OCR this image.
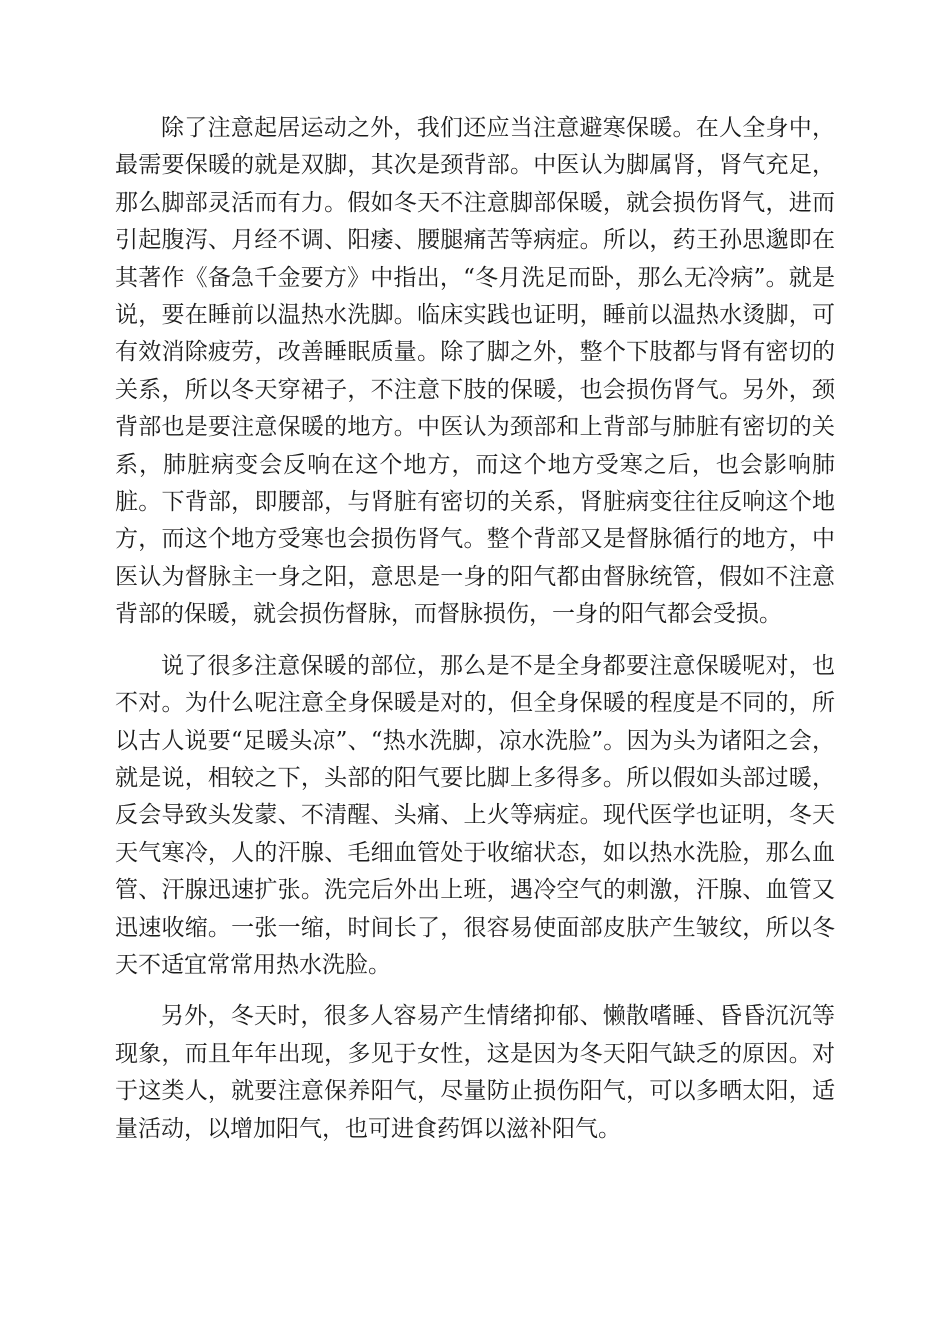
除了注意起居运动之外，我们还应当注意避寒保暖。在人全身中，最需要保暖的就是双脚，其次是颈背部。中医认为脚属肾，肾气充足，那么脚部灵活而有力。假如冬天不注意脚部保暖，就会损伤肾气，进而引起腹泻、月经不调、阳痿、腰腿痛苦等病症。所以，药王孙思邈即在其著作《备急千金要方》中指出，“冬月洗足而卧，那么无冷病”。就是说，要在睡前以温热水洗脚。临床实践也证明，睡前以温热水烫脚，可有效消除疲劳，改善睡眠质量。除了脚之外，整个下肢都与肾有密切的关系，所以冬天穿裙子，不注意下肢的保暖，也会损伤肾气。另外，颈背部也是要注意保暖的地方。中医认为颈部和上背部与肺脏有密切的关系，肺脏病变会反响在这个地方，而这个地方受寒之后，也会影响肺脏。下背部，即腰部，与肾脏有密切的关系，肾脏病变往往反响这个地方，而这个地方受寒也会损伤肾气。整个背部又是督脉循行的地方，中医认为督脉主一身之阳，意思是一身的阳气都由督脉统管，假如不注意背部的保暖，就会损伤督脉，而督脉损伤，一身的阳气都会受损。

说了很多注意保暖的部位，那么是不是全身都要注意保暖呢对，也不对。为什么呢注意全身保暖是对的，但全身保暖的程度是不同的，所以古人说要“足暖头凉”、“热水洗脚，凉水洗脸”。因为头为诸阳之会，就是说，相较之下，头部的阳气要比脚上多得多。所以假如头部过暖，反会导致头发蒙、不清醒、头痛、上火等病症。现代医学也证明，冬天天气寒冷，人的汗腺、毛细血管处于收缩状态，如以热水洗脸，那么血管、汗腺迅速扩张。洗完后外出上班，遇冷空气的刺激，汗腺、血管又迅速收缩。一张一缩，时间长了，很容易使面部皮肤产生皱纹，所以冬天不适宜常常用热水洗脸。

另外，冬天时，很多人容易产生情绪抑郁、懒散嗜睡、昏昏沉沉等现象，而且年年出现，多见于女性，这是因为冬天阳气缺乏的原因。对于这类人，就要注意保养阳气，尽量防止损伤阳气，可以多晒太阳，适量活动，以增加阳气，也可进食药饵以滋补阳气。
